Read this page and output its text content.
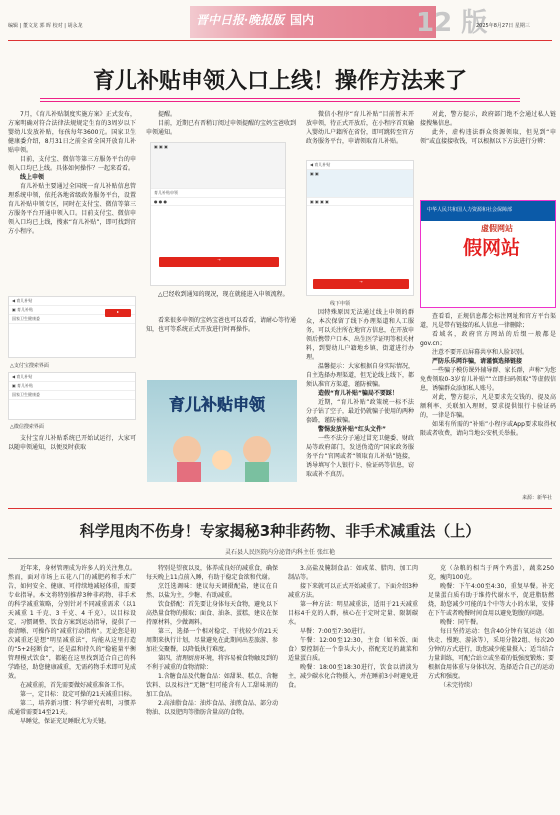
编辑 | 董文龙 郭 晖 校对 | 胡永龙	晋中日报·晚报版 国内	12 版
2025年8月27日 星期三
育儿补贴申领入口上线！操作方法来了

7月，《育儿补贴制度实施方案》正式发布，方案明确对符合法律法规规定生育的3周岁以下婴幼儿发放补贴，每孩每年3600元。国家卫生健康委介绍，8月31日之前全省全国开放育儿补贴申领。

目前，支付宝、微信等第三方服务平台的申领入口均已上线。具体如何操作？一起来看看。

线上申领

育儿补贴主要通过全国统一育儿补贴信息管理系统申领，依托各地省级政务服务平台，设置育儿补贴申领专区，同时在支付宝、微信等第三方服务平台开通申领入口。目前支付宝、微信申领入口均已上线，搜索“育儿补贴”，即可找到官方小程序。

◀ 育儿补贴
▣ 育儿补贴
国家卫生健康委
▸
△支付宝搜索界面
◀ 育儿补贴
▣ 育儿补贴
国家卫生健康委
△微信搜索界面

支付宝育儿补贴系统已开始试运行，大家可以随申领通知，以便及时获取

提醒。

目前，近期已有晋稍订阅过申领提醒的宝妈宝爸收到申领通知。

▣ ▣ ▣
育儿补贴申领
● ● ●
→

△已经收到通知的现况，现在就能进入申领流程。

看来很多申领的宝妈宝爸也可以看看，请耐心等待通知，也可等系统正式开放进行时再操作。

育儿补贴申领

微信小程序“育儿补贴”目前暂未开放申领，待正式开放后，在小程序首页输入婴幼儿户籍所在省份，即可跳转至官方政务服务平台，申请领取育儿补贴。

◀ 育儿补贴
▣ ▣
▣ ▣ ▣ ▣
→
线下申领

因特殊原因无法通过线上申领的群众，本次保留了线下办理渠道和人工服务，可以关注所在地官方信息，在开放申领后携带户口本、出生医学证明等相关材料，到婴幼儿户籍地乡镇、街道进行办理。

温馨提示：大家根据自身实际情况，自主选择办理渠道，但无论线上线下，都须认准官方渠道，谨防被骗。

造假“育儿补贴”骗局不要踩！

近期，“育儿补贴”政策统一标不法分子钻了空子，最近仍就骗子使用的两种套路，谨防被骗。

警惕发放补贴“红头文件”

一些不法分子通过冒充卫健委、财政局等政府部门，发送伪造的“国家政务服务平台”官网或者“领取育儿补贴”链接，诱导填写个人银行卡、验证码等信息，窃取或补不真历。

对此，警方提示，政府部门绝不会通过私人链接搜集信息。

此外，虚构违法群众资源领取，但见到“申领”或直接接收钱，可以根据以下方法进行分辨：

中华人民共和国人力资源和社会保障部
虚假网站
假网站

查看看，正规信息都会标注网址和官方平台渠道，凡是带有链接的私人信息一律删除；

看域名，政府官方网站的后缀一般都是gov.cn；

注意不要开启屏幕共享和人脸识别。

严防乐乐网诈骗，请谨慎选择链接

一些骗子模仿课外辅导群、家长群，声称“为您免费领取0-3岁育儿补贴”“立即扫码领取”等虚假信息，诱骗群众添加私人账号。

对此，警方提示，凡是要求先交钱的、提及高额利率、关联加入理财，要求提供银行卡验证码的，一律是诈骗。

如果有所需的“补贴”小程序或App要求取得权限或者收费，请向当地公安机关举报。

来源：新华社
科学甩肉不伤身！专家揭秘3种非药物、非手术减重法（上）
灵石县人民医院内分泌肾内科主任 张红艳

近年来，身材管理成为许多人的关注焦点。然而，面对市场上五花八门的减肥药和手术广告，如何安全、健康、可持续地减轻体重，需要专业指导。本文将特别推荐3种非药物、非手术的科学减重策略，分别针对不同减重需求（以1天减重 1 千克、3 千克、4 千克），以目标设定、习惯调整、饮食方案到运动指导，提供了一套清晰、可操作的“减重行动指南”。无论您是初次减重还是想“明星减重法”，均能从这里打造的“5+2轻断食”，还是温和持久的“稳能量平衡管理模式饮食”，都能在这里找到适合自己的科学路径，助您健康减重，无需药物手术即可见成效。

在减重前，首先需要做好减重准备工作。

第一，定目标：设定可操的21天减重目标。

第二，培养新习惯：科学研究表明，习惯养成通常需要14至21天。

早睡觉，保证充足睡眠尤为关键。

特别是望夜以及，体养成良好的减重食，确保每天晚上11点前入睡，有助于稳定食欲和代谢。

烹饪选调味：建议每天调摄配盐，建议在自然、以盐为主，少糖、有助减重。

饮食搭配：首先要让身体每天食物，避免以下高热量食物的摄取；面食、油条、蛋糕，建议在保持原材料，少做调料。

第三，选择一个相对稳定、干扰较少的21天周期来执行计划，尽量避免在此期间出差旅游、参加社交聚餐，以降低执行难度。

第四，清理厨房环境，将容易被食物触及到的不利于减重的食物清除：

1.含糖食品及代糖食品：如甜果、糕点、含糖饮料、以及标注“无糖”但可能含有人工甜味剂的加工食品。

2.高油脂食品：油炸食品、油煎食品、部分动物油、以及肥肉等脂肪含量高的食物。

3.高盐及腌制食品：如咸菜、腊肉、加工肉制品等。

接下来就可以正式开始减重了。下面介绍3种减重方法。

第一种方法：明星减重法，适用于21天减重目标4千克的人群，核心在于定时定量、限制碳水。

早餐：7:00至7:30进行。

午餐：12:00至12:30，主食（如米饭、面食）要控制在一个拳头大小，搭配充足的蔬菜和适量蛋白质。

晚餐：18:00至18:30进行，饮食以清淡为主，减少碳水化合物摄入，并在睡前3小时避免进食。

克（杂粮的相当于两个鸡蛋），蔬菜250克，瘦肉100克。

晚餐：下午4:00至4:30，重复早餐。补充足量蛋白质有助于维持代谢水平，促进脂肪燃烧，助您减少可能的1个中等大小的水果，安排在下午或者晚餐时间食用以避免饱腹的问题。

晚餐：同午餐。

每日坚持运动：包含40分钟有氧运动（如快走、慢跑、游泳等），采用分散2组、每次20分钟的方式进行，助您减少能量摄入；适当结合力量训练，可配合站立或坐着的低强度锻炼；要根据食用体重与身体状况、选择适合自己的运动方式和强度。

（未完待续）
